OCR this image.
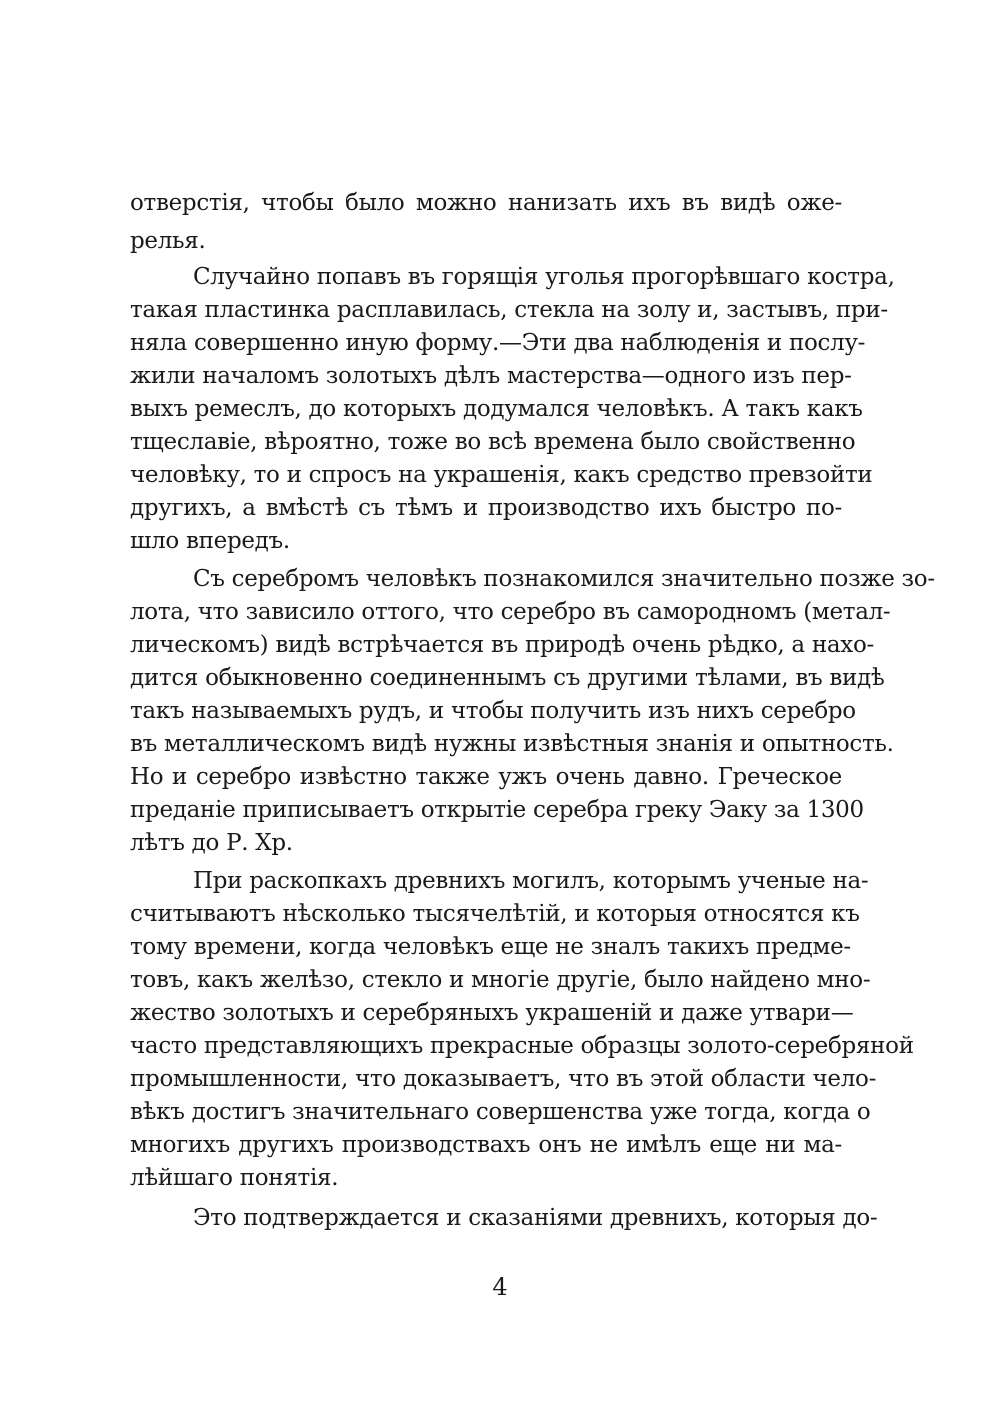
отверстія, чтобы было можно нанизать ихъ въ видѣ оже-
релья.
Случайно попавъ въ горящія уголья прогорѣвшаго костра,
такая пластинка расплавилась, стекла на золу и, застывъ, при-
няла совершенно иную форму.—Эти два наблюденія и послу-
жили началомъ золотыхъ дѣлъ мастерства—одного изъ пер-
выхъ ремеслъ, до которыхъ додумался человѣкъ. А такъ какъ
тщеславіе, вѣроятно, тоже во всѣ времена было свойственно
человѣку, то и спросъ на украшенія, какъ средство превзойти
другихъ, а вмѣстѣ съ тѣмъ и производство ихъ быстро по-
шло впередъ.
Съ серебромъ человѣкъ познакомился значительно позже зо-
лота, что зависило оттого, что серебро въ самородномъ (метал-
лическомъ) видѣ встрѣчается въ природѣ очень рѣдко, а нахо-
дится обыкновенно соединеннымъ съ другими тѣлами, въ видѣ
такъ называемыхъ рудъ, и чтобы получить изъ нихъ серебро
въ металлическомъ видѣ нужны извѣстныя знанія и опытность.
Но и серебро извѣстно также ужъ очень давно. Греческое
преданіе приписываетъ открытіе серебра греку Эаку за 1300
лѣтъ до Р. Хр.
При раскопкахъ древнихъ могилъ, которымъ ученые на-
считываютъ нѣсколько тысячелѣтій, и которыя относятся къ
тому времени, когда человѣкъ еще не зналъ такихъ предме-
товъ, какъ желѣзо, стекло и многіе другіе, было найдено мно-
жество золотыхъ и серебряныхъ украшеній и даже утвари—
часто представляющихъ прекрасные образцы золото-серебряной
промышленности, что доказываетъ, что въ этой области чело-
вѣкъ достигъ значительнаго совершенства уже тогда, когда о
многихъ другихъ производствахъ онъ не имѣлъ еще ни ма-
лѣйшаго понятія.
Это подтверждается и сказаніями древнихъ, которыя до-
4
